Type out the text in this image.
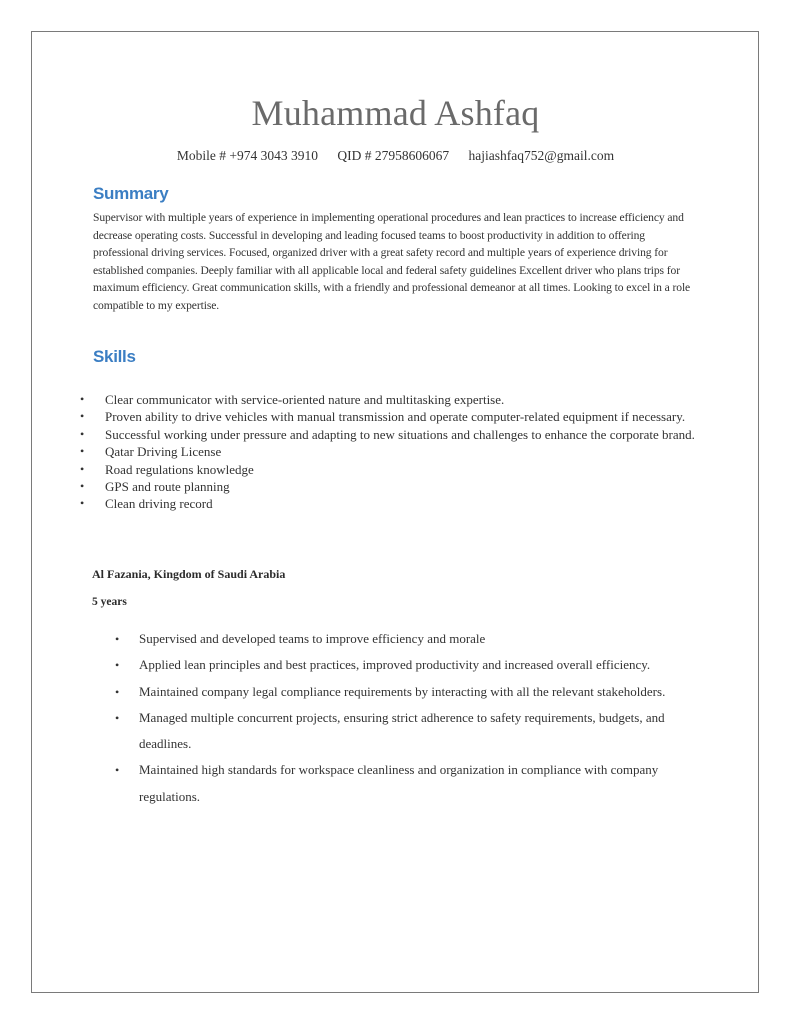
Muhammad Ashfaq
Mobile # +974 3043 3910 QID # 27958606067 hajiashfaq752@gmail.com
Summary
Supervisor with multiple years of experience in implementing operational procedures and lean practices to increase efficiency and decrease operating costs. Successful in developing and leading focused teams to boost productivity in addition to offering professional driving services. Focused, organized driver with a great safety record and multiple years of experience driving for established companies. Deeply familiar with all applicable local and federal safety guidelines Excellent driver who plans trips for maximum efficiency. Great communication skills, with a friendly and professional demeanor at all times. Looking to excel in a role compatible to my expertise.
Skills
• Clear communicator with service-oriented nature and multitasking expertise.
• Proven ability to drive vehicles with manual transmission and operate computer-related equipment if necessary.
• Successful working under pressure and adapting to new situations and challenges to enhance the corporate brand.
• Qatar Driving License
• Road regulations knowledge
• GPS and route planning
• Clean driving record
Al Fazania, Kingdom of Saudi Arabia
5 years
• Supervised and developed teams to improve efficiency and morale
• Applied lean principles and best practices, improved productivity and increased overall efficiency.
• Maintained company legal compliance requirements by interacting with all the relevant stakeholders.
• Managed multiple concurrent projects, ensuring strict adherence to safety requirements, budgets, and deadlines.
• Maintained high standards for workspace cleanliness and organization in compliance with company regulations.
